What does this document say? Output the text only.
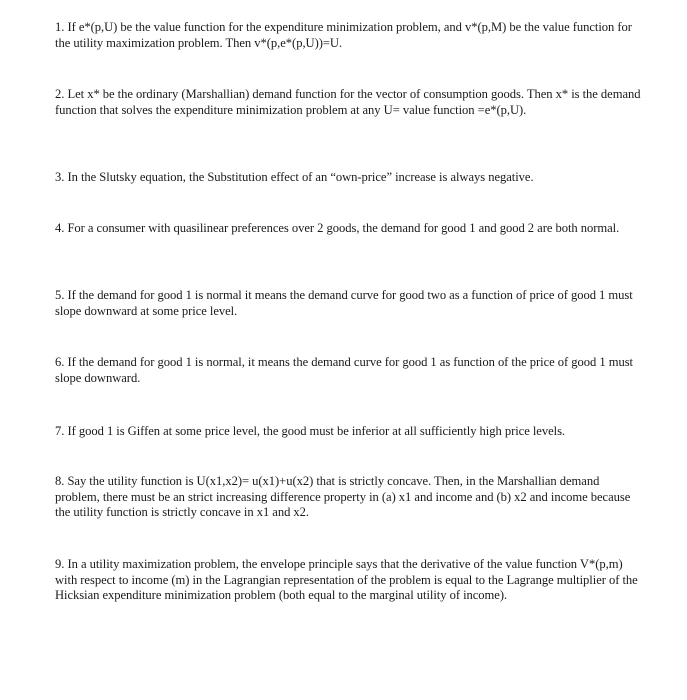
1. If e*(p,U) be the value function for the expenditure minimization problem, and v*(p,M) be the value function for the utility maximization problem. Then v*(p,e*(p,U))=U.

2. Let x* be the ordinary (Marshallian) demand function for the vector of consumption goods. Then x* is the demand function that solves the expenditure minimization problem at any U= value function =e*(p,U).

3. In the Slutsky equation, the Substitution effect of an “own-price” increase is always negative.

4. For a consumer with quasilinear preferences over 2 goods, the demand for good 1 and good 2 are both normal.

5. If the demand for good 1 is normal it means the demand curve for good two as a function of price of good 1 must slope downward at some price level.

6. If the demand for good 1 is normal, it means the demand curve for good 1 as function of the price of good 1 must slope downward.

7. If good 1 is Giffen at some price level, the good must be inferior at all sufficiently high price levels.

8. Say the utility function is U(x1,x2)= u(x1)+u(x2) that is strictly concave. Then, in the Marshallian demand problem, there must be an strict increasing difference property in (a) x1 and income and (b) x2 and income because the utility function is strictly concave in x1 and x2.

9. In a utility maximization problem, the envelope principle says that the derivative of the value function V*(p,m) with respect to income (m) in the Lagrangian representation of the problem is equal to the Lagrange multiplier of the Hicksian expenditure minimization problem (both equal to the marginal utility of income).
